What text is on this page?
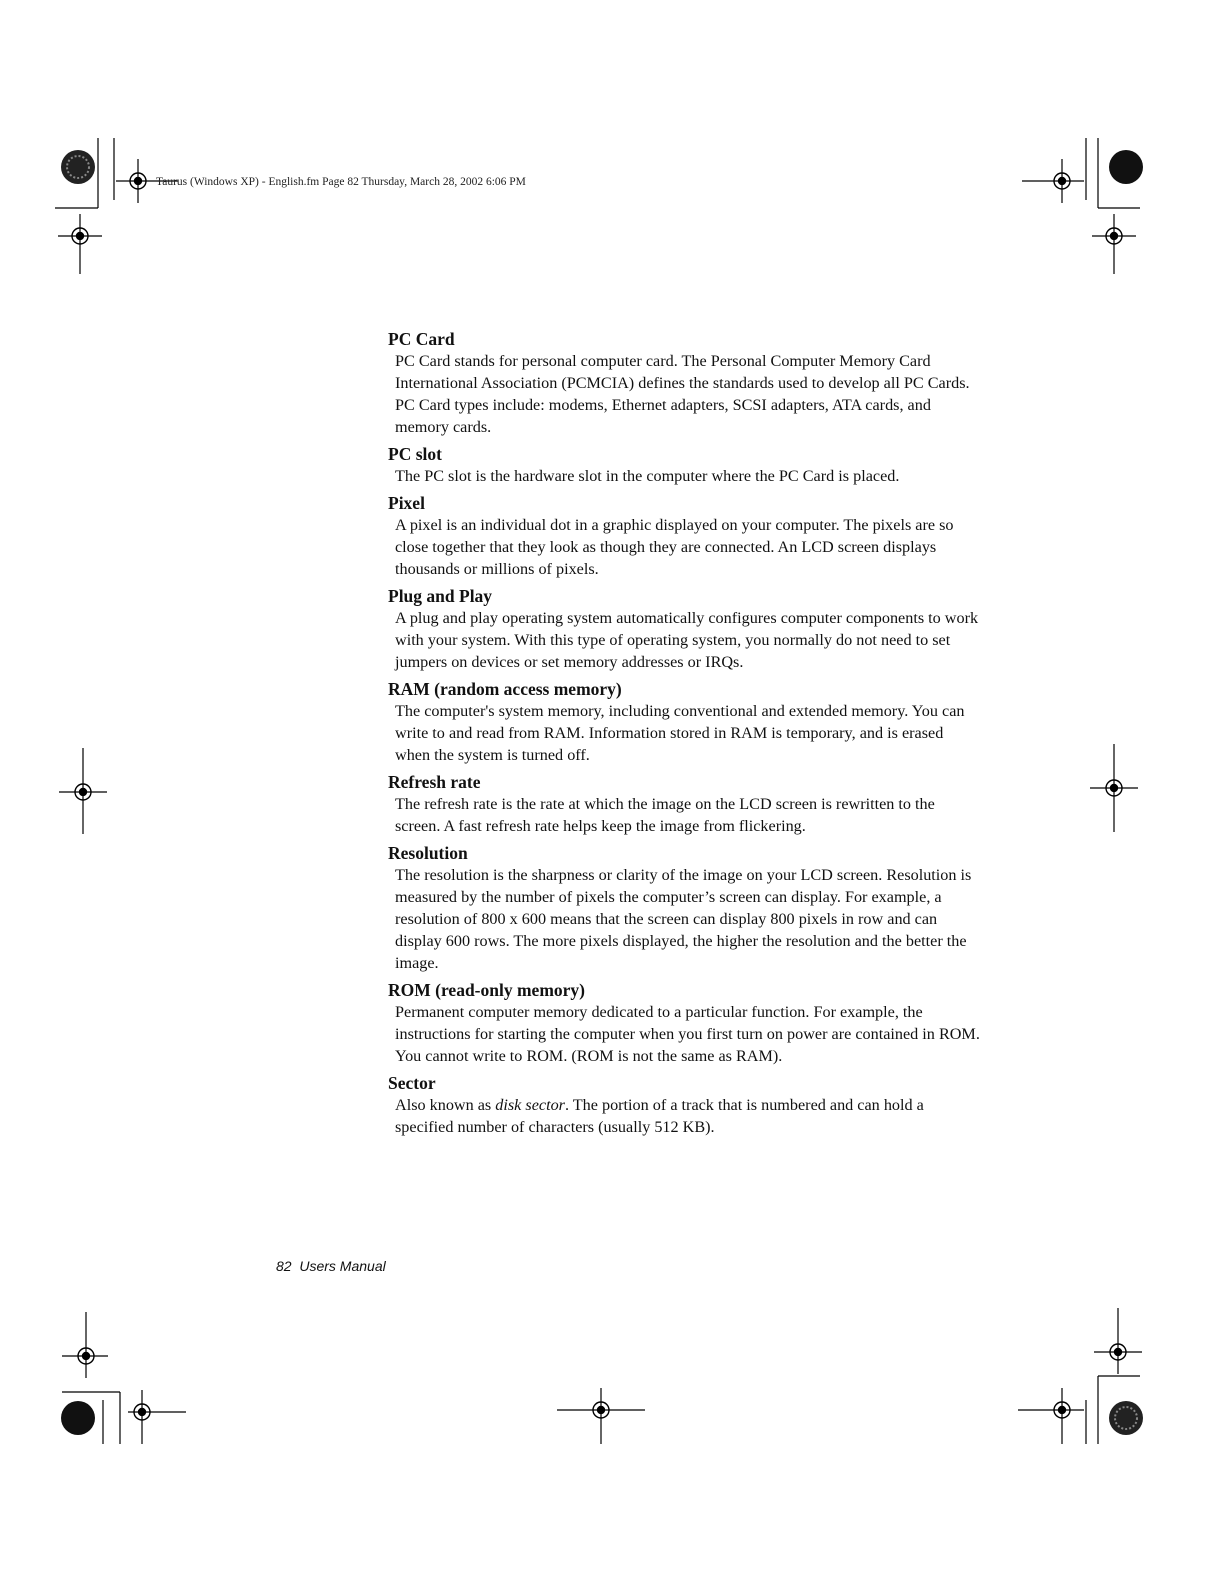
Taurus (Windows XP) - English.fm Page 82 Thursday, March 28, 2002 6:06 PM

PC Card

PC Card stands for personal computer card. The Personal Computer Memory Card International Association (PCMCIA) defines the standards used to develop all PC Cards. PC Card types include: modems, Ethernet adapters, SCSI adapters, ATA cards, and memory cards.

PC slot

The PC slot is the hardware slot in the computer where the PC Card is placed.

Pixel

A pixel is an individual dot in a graphic displayed on your computer. The pixels are so close together that they look as though they are connected. An LCD screen displays thousands or millions of pixels.

Plug and Play

A plug and play operating system automatically configures computer components to work with your system. With this type of operating system, you normally do not need to set jumpers on devices or set memory addresses or IRQs.

RAM (random access memory)

The computer's system memory, including conventional and extended memory. You can write to and read from RAM. Information stored in RAM is temporary, and is erased when the system is turned off.

Refresh rate

The refresh rate is the rate at which the image on the LCD screen is rewritten to the screen. A fast refresh rate helps keep the image from flickering.

Resolution

The resolution is the sharpness or clarity of the image on your LCD screen. Resolution is measured by the number of pixels the computer’s screen can display. For example, a resolution of 800 x 600 means that the screen can display 800 pixels in row and can display 600 rows. The more pixels displayed, the higher the resolution and the better the image.

ROM (read-only memory)

Permanent computer memory dedicated to a particular function. For example, the instructions for starting the computer when you first turn on power are contained in ROM. You cannot write to ROM. (ROM is not the same as RAM).

Sector

Also known as disk sector. The portion of a track that is numbered and can hold a specified number of characters (usually 512 KB).

82 Users Manual
